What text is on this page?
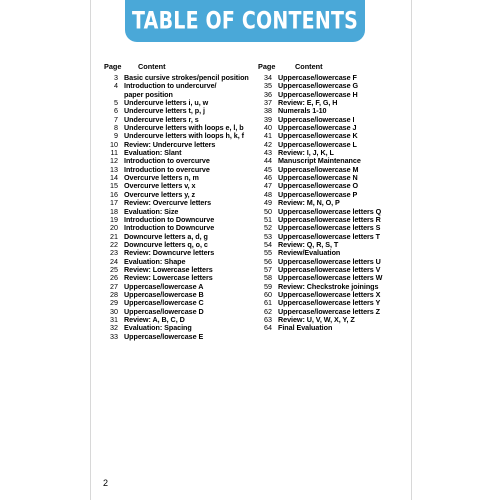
TABLE OF CONTENTS
Page	Content
3 Basic cursive strokes/pencil position
4 Introduction to undercurve/
paper position
5 Undercurve letters i, u, w
6 Undercurve letters t, p, j
7 Undercurve letters r, s
8 Undercurve letters with loops e, l, b
9 Undercurve letters with loops h, k, f
10 Review: Undercurve letters
11 Evaluation: Slant
12 Introduction to overcurve
13 Introduction to overcurve
14 Overcurve letters n, m
15 Overcurve letters v, x
16 Overcurve letters y, z
17 Review: Overcurve letters
18 Evaluation: Size
19 Introduction to Downcurve
20 Introduction to Downcurve
21 Downcurve letters a, d, g
22 Downcurve letters q, o, c
23 Review: Downcurve letters
24 Evaluation: Shape
25 Review: Lowercase letters
26 Review: Lowercase letters
27 Uppercase/lowercase A
28 Uppercase/lowercase B
29 Uppercase/lowercase C
30 Uppercase/lowercase D
31 Review: A, B, C, D
32 Evaluation: Spacing
33 Uppercase/lowercase E
Page	Content
34 Uppercase/lowercase F
35 Uppercase/lowercase G
36 Uppercase/lowercase H
37 Review: E, F, G, H
38 Numerals 1-10
39 Uppercase/lowercase I
40 Uppercase/lowercase J
41 Uppercase/lowercase K
42 Uppercase/lowercase L
43 Review: I, J, K, L
44 Manuscript Maintenance
45 Uppercase/lowercase M
46 Uppercase/lowercase N
47 Uppercase/lowercase O
48 Uppercase/lowercase P
49 Review: M, N, O, P
50 Uppercase/lowercase letters Q
51 Uppercase/lowercase letters R
52 Uppercase/lowercase letters S
53 Uppercase/lowercase letters T
54 Review: Q, R, S, T
55 Review/Evaluation
56 Uppercase/lowercase letters U
57 Uppercase/lowercase letters V
58 Uppercase/lowercase letters W
59 Review: Checkstroke joinings
60 Uppercase/lowercase letters X
61 Uppercase/lowercase letters Y
62 Uppercase/lowercase letters Z
63 Review: U, V, W, X, Y, Z
64 Final Evaluation
2
